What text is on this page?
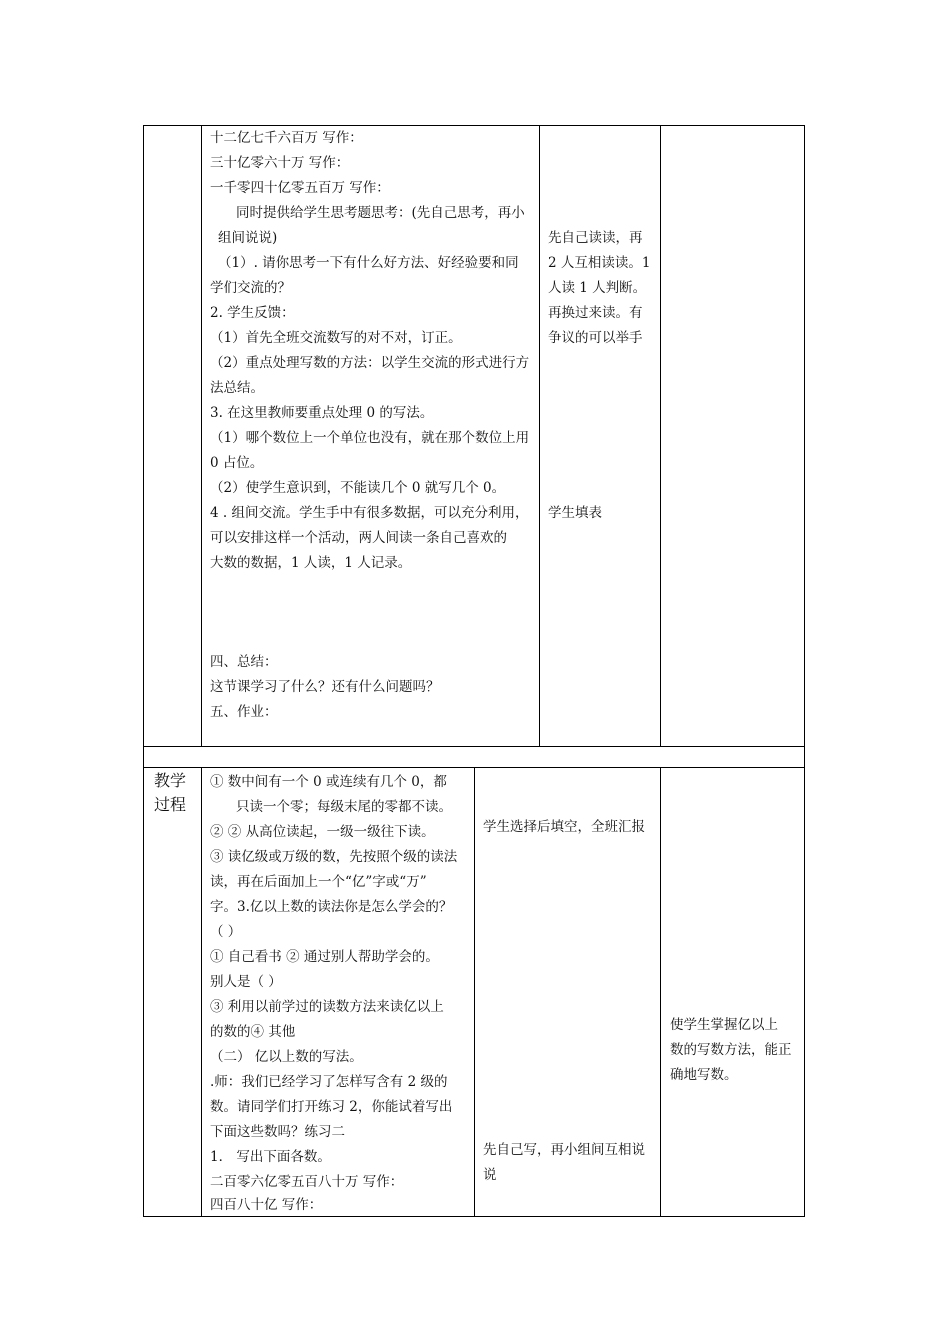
十二亿七千六百万 写作：
三十亿零六十万 写作：
一千零四十亿零五百万 写作：
同时提供给学生思考题思考：(先自己思考，再小
组间说说)
（1）. 请你思考一下有什么好方法、好经验要和同
学们交流的？
2. 学生反馈：
（1）首先全班交流数写的对不对，订正。
（2）重点处理写数的方法：以学生交流的形式进行方
法总结。
3. 在这里教师要重点处理 0 的写法。
（1）哪个数位上一个单位也没有，就在那个数位上用
0 占位。
（2）使学生意识到，不能读几个 0 就写几个 0。
4 . 组间交流。学生手中有很多数据，可以充分利用，
可以安排这样一个活动，两人间读一条自己喜欢的
大数的数据，1 人读，1 人记录。
四、总结：
这节课学习了什么？还有什么问题吗？
五、作业：
先自己读读，再
2 人互相读读。1
人读 1 人判断。
再换过来读。有
争议的可以举手
学生填表
教学
过程
① 数中间有一个 0 或连续有几个 0，都
只读一个零；每级末尾的零都不读。
② ② 从高位读起，一级一级往下读。
③ 读亿级或万级的数，先按照个级的读法
读，再在后面加上一个“亿”字或“万”
字。3.亿以上数的读法你是怎么学会的？
（ ）
① 自己看书 ② 通过别人帮助学会的。
别人是（ ）
③ 利用以前学过的读数方法来读亿以上
的数的④ 其他
（二） 亿以上数的写法。
.师：我们已经学习了怎样写含有 2 级的
数。请同学们打开练习 2，你能试着写出
下面这些数吗？练习二
1． 写出下面各数。
二百零六亿零五百八十万 写作：
四百八十亿 写作：
学生选择后填空，全班汇报
先自己写，再小组间互相说
说
使学生掌握亿以上
数的写数方法，能正
确地写数。
